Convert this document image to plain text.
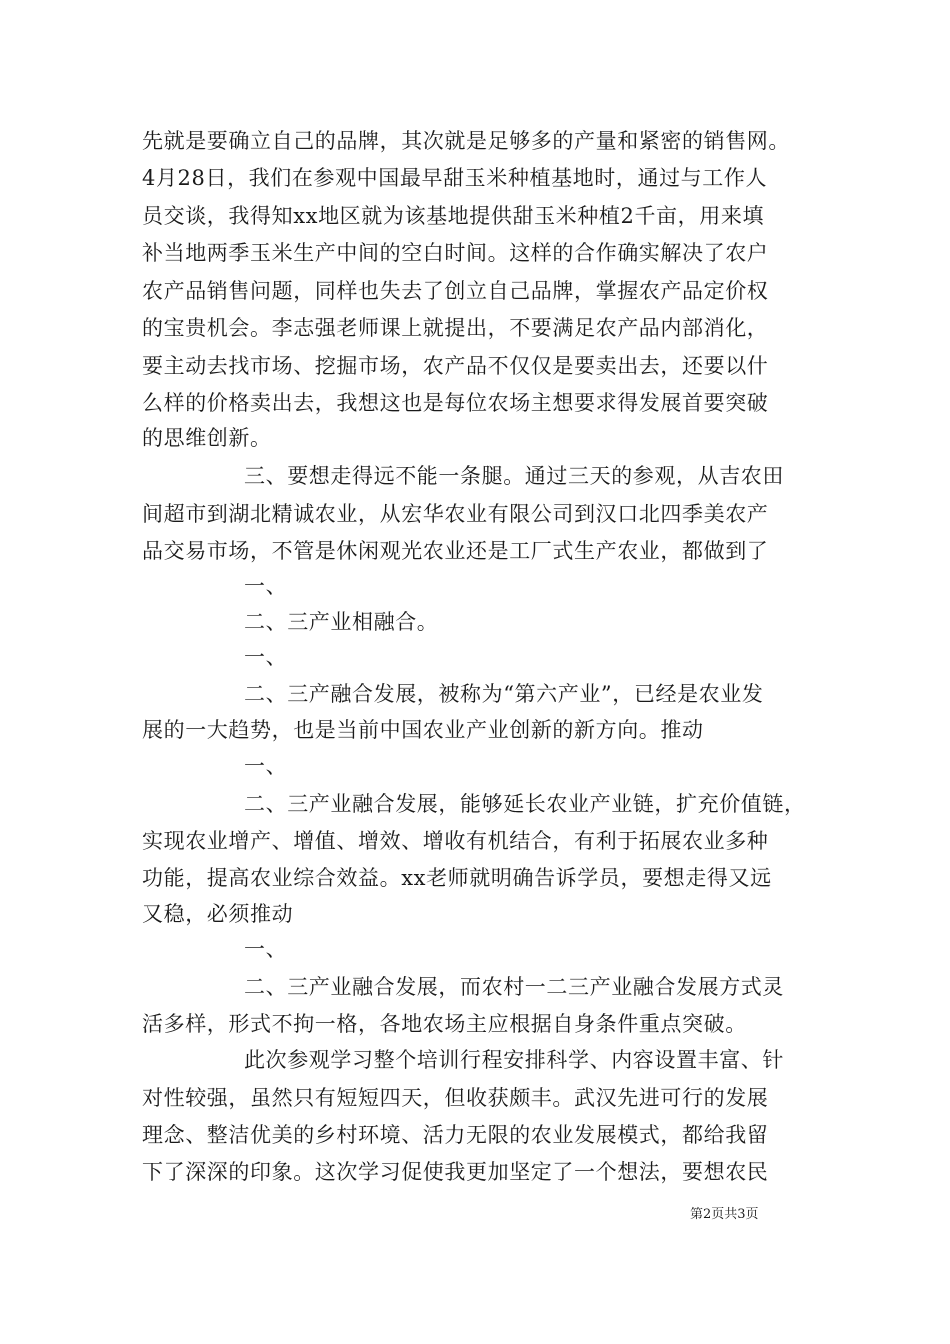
先就是要确立自己的品牌，其次就是足够多的产量和紧密的销售网。
4月28日，我们在参观中国最早甜玉米种植基地时，通过与工作人
员交谈，我得知xx地区就为该基地提供甜玉米种植2千亩，用来填
补当地两季玉米生产中间的空白时间。这样的合作确实解决了农户
农产品销售问题，同样也失去了创立自己品牌，掌握农产品定价权
的宝贵机会。李志强老师课上就提出，不要满足农产品内部消化，
要主动去找市场、挖掘市场，农产品不仅仅是要卖出去，还要以什
么样的价格卖出去，我想这也是每位农场主想要求得发展首要突破
的思维创新。
三、要想走得远不能一条腿。通过三天的参观，从吉农田
间超市到湖北精诚农业，从宏华农业有限公司到汉口北四季美农产
品交易市场，不管是休闲观光农业还是工厂式生产农业，都做到了
一、
二、三产业相融合。
一、
二、三产融合发展，被称为“第六产业”，已经是农业发
展的一大趋势，也是当前中国农业产业创新的新方向。推动
一、
二、三产业融合发展，能够延长农业产业链，扩充价值链，
实现农业增产、增值、增效、增收有机结合，有利于拓展农业多种
功能，提高农业综合效益。xx老师就明确告诉学员，要想走得又远
又稳，必须推动
一、
二、三产业融合发展，而农村一二三产业融合发展方式灵
活多样，形式不拘一格，各地农场主应根据自身条件重点突破。
此次参观学习整个培训行程安排科学、内容设置丰富、针
对性较强，虽然只有短短四天，但收获颇丰。武汉先进可行的发展
理念、整洁优美的乡村环境、活力无限的农业发展模式，都给我留
下了深深的印象。这次学习促使我更加坚定了一个想法，要想农民
第2页共3页
